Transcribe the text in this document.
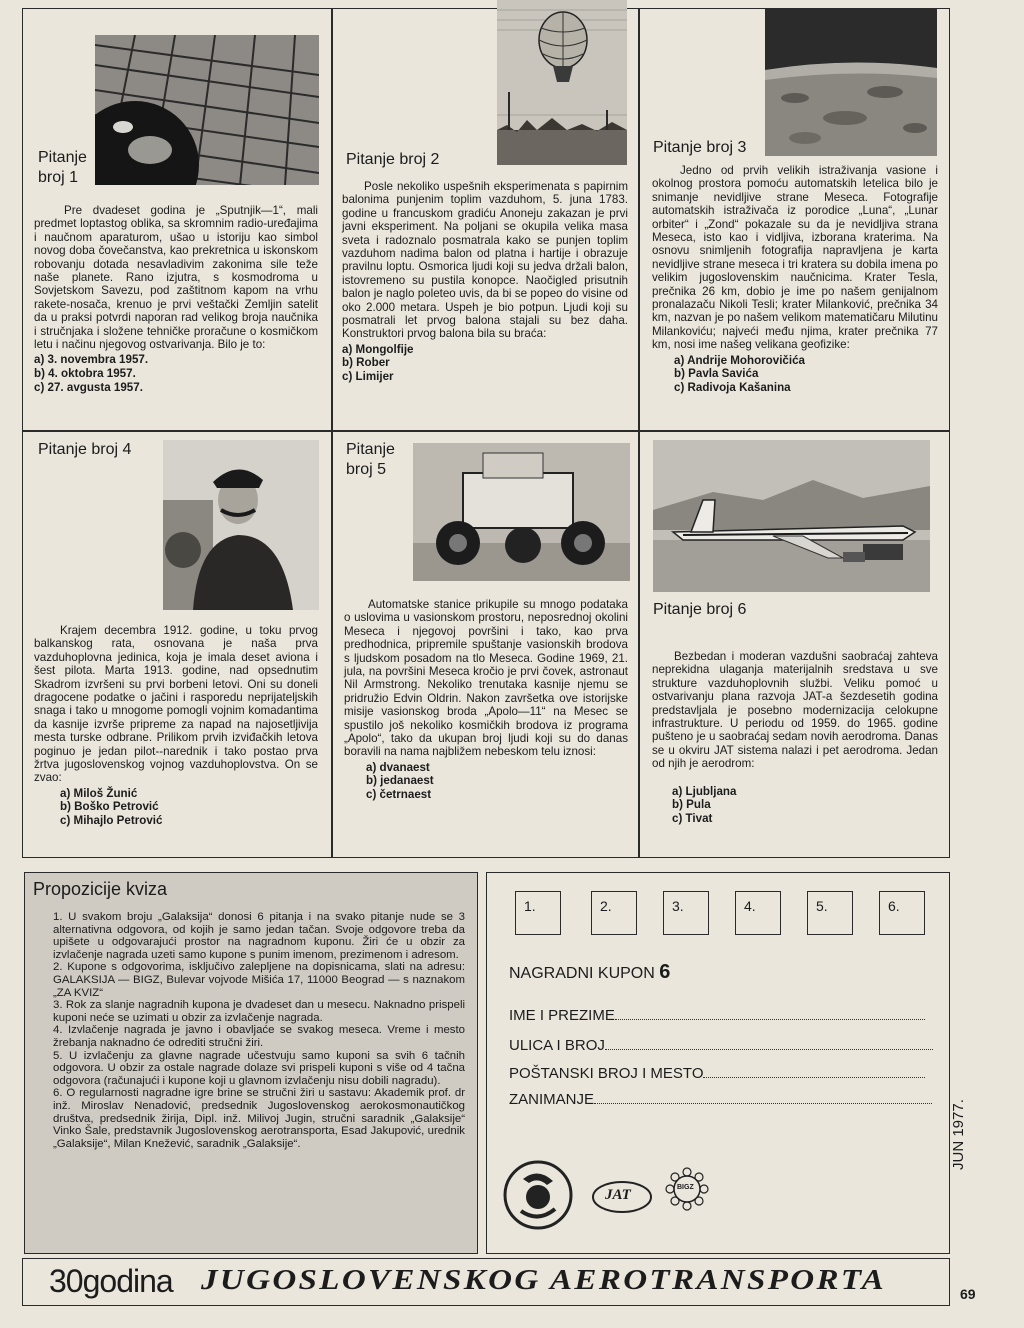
Pitanje
broj 1
Pre dvadeset godina je „Sputnjik—1“, mali predmet loptastog oblika, sa skromnim radio-uređajima i naučnom aparaturom, ušao u istoriju kao simbol novog doba čovečanstva, kao prekretnica u iskonskom robovanju dotada nesavladivim zakonima sile teže naše planete. Rano izjutra, s kosmodroma u Sovjetskom Savezu, pod zaštitnom kapom na vrhu rakete-nosača, krenuo je prvi veštački Zemljin satelit da u praksi potvrdi naporan rad velikog broja naučnika i stručnjaka i složene tehničke proračune o kosmičkom letu i načinu njegovog ostvarivanja. Bilo je to:
a) 3. novembra 1957.
b) 4. oktobra 1957.
c) 27. avgusta 1957.
Pitanje broj 2
Posle nekoliko uspešnih eksperimenata s papirnim balonima punjenim toplim vazduhom, 5. juna 1783. godine u francuskom gradiću Anoneju zakazan je prvi javni eksperiment. Na poljani se okupila velika masa sveta i radoznalo posmatrala kako se punjen toplim vazduhom nadima balon od platna i hartije i obrazuje pravilnu loptu. Osmorica ljudi koji su jedva držali balon, istovremeno su pustila konopce. Naočigled prisutnih balon je naglo poleteo uvis, da bi se popeo do visine od oko 2.000 metara. Uspeh je bio potpun. Ljudi koji su posmatrali let prvog balona stajali su bez daha. Konstruktori prvog balona bila su braća:
a) Mongolfije
b) Rober
c) Limijer
Pitanje broj 3
Jedno od prvih velikih istraživanja vasione i okolnog prostora pomoću automatskih letelica bilo je snimanje nevidljive strane Meseca. Fotografije automatskih istraživača iz porodice „Luna“, „Lunar orbiter“ i „Zond“ pokazale su da je nevidljiva strana Meseca, isto kao i vidljiva, izborana kraterima. Na osnovu snimljenih fotografija napravljena je karta nevidljive strane meseca i tri kratera su dobila imena po velikim jugoslovenskim naučnicima. Krater Tesla, prečnika 26 km, dobio je ime po našem genijalnom pronalazaču Nikoli Tesli; krater Milanković, prečnika 34 km, nazvan je po našem velikom matematičaru Milutinu Milankoviću; najveći među njima, krater prečnika 77 km, nosi ime našeg velikana geofizike:
a) Andrije Mohorovičića
b) Pavla Savića
c) Radivoja Kašanina
Pitanje broj 4
Krajem decembra 1912. godine, u toku prvog balkanskog rata, osnovana je naša prva vazduhoplovna jedinica, koja je imala deset aviona i šest pilota. Marta 1913. godine, nad opsednutim Skadrom izvršeni su prvi borbeni letovi. Oni su doneli dragocene podatke o jačini i rasporedu neprijateljskih snaga i tako u mnogome pomogli vojnim komadantima da kasnije izvrše pripreme za napad na najosetljivija mesta turske odbrane. Prilikom prvih izviđačkih letova poginuo je jedan pilot--narednik i tako postao prva žrtva jugoslovenskog vojnog vazduhoplovstva. On se zvao:
a) Miloš Žunić
b) Boško Petrović
c) Mihajlo Petrović
Pitanje
broj 5
Automatske stanice prikupile su mnogo podataka o uslovima u vasionskom prostoru, neposrednoj okolini Meseca i njegovoj površini i tako, kao prva predhodnica, pripremile spuštanje vasionskih brodova s ljudskom posadom na tlo Meseca. Godine 1969, 21. jula, na površini Meseca kročio je prvi čovek, astronaut Nil Armstrong. Nekoliko trenutaka kasnije njemu se pridružio Edvin Oldrin. Nakon završetka ove istorijske misije vasionskog broda „Apolo—11“ na Mesec se spustilo još nekoliko kosmičkih brodova iz programa „Apolo“, tako da ukupan broj ljudi koji su do danas boravili na nama najbližem nebeskom telu iznosi:
a) dvanaest
b) jedanaest
c) četrnaest
Pitanje broj 6
Bezbedan i moderan vazdušni saobraćaj zahteva neprekidna ulaganja materijalnih sredstava u sve strukture vazduhoplovnih službi. Veliku pomoć u ostvarivanju plana razvoja JAT-a šezdesetih godina predstavljala je posebno modernizacija celokupne infrastrukture. U periodu od 1959. do 1965. godine pušteno je u saobraćaj sedam novih aerodroma. Danas se u okviru JAT sistema nalazi i pet aerodroma. Jedan od njih je aerodrom:
a) Ljubljana
b) Pula
c) Tivat
Propozicije kviza

1. U svakom broju „Galaksija“ donosi 6 pitanja i na svako pitanje nude se 3 alternativna odgovora, od kojih je samo jedan tačan. Svoje odgovore treba da upišete u odgovarajući prostor na nagradnom kuponu. Žiri će u obzir za izvlačenje nagrada uzeti samo kupone s punim imenom, prezimenom i adresom.

2. Kupone s odgovorima, isključivo zalepljene na dopisnicama, slati na adresu: GALAKSIJA — BIGZ, Bulevar vojvode Mišića 17, 11000 Beograd — s naznakom „ZA KVIZ“

3. Rok za slanje nagradnih kupona je dvadeset dan u mesecu. Naknadno prispeli kuponi neće se uzimati u obzir za izvlačenje nagrada.

4. Izvlačenje nagrada je javno i obavljaće se svakog meseca. Vreme i mesto žrebanja naknadno će odrediti stručni žiri.

5. U izvlačenju za glavne nagrade učestvuju samo kuponi sa svih 6 tačnih odgovora. U obzir za ostale nagrade dolaze svi prispeli kuponi s više od 4 tačna odgovora (računajući i kupone koji u glavnom izvlačenju nisu dobili nagradu).

6. O regularnosti nagradne igre brine se stručni žiri u sastavu: Akademik prof. dr inž. Miroslav Nenadović, predsednik Jugoslovenskog aerokosmonautičkog društva, predsednik žirija, Dipl. inž. Milivoj Jugin, stručni saradnik „Galaksije“ Vinko Šale, predstavnik Jugoslovenskog aerotransporta, Esad Jakupović, urednik „Galaksije“, Milan Knežević, saradnik „Galaksije“.

1.	2.	3.	4.	5.	6.
NAGRADNI KUPON 6
IME I PREZIME
ULICA I BROJ
POŠTANSKI BROJ I MESTO
ZANIMANJE
JAT	BIGZ
30godina JUGOSLOVENSKOG AEROTRANSPORTA
JUN 1977.
69
